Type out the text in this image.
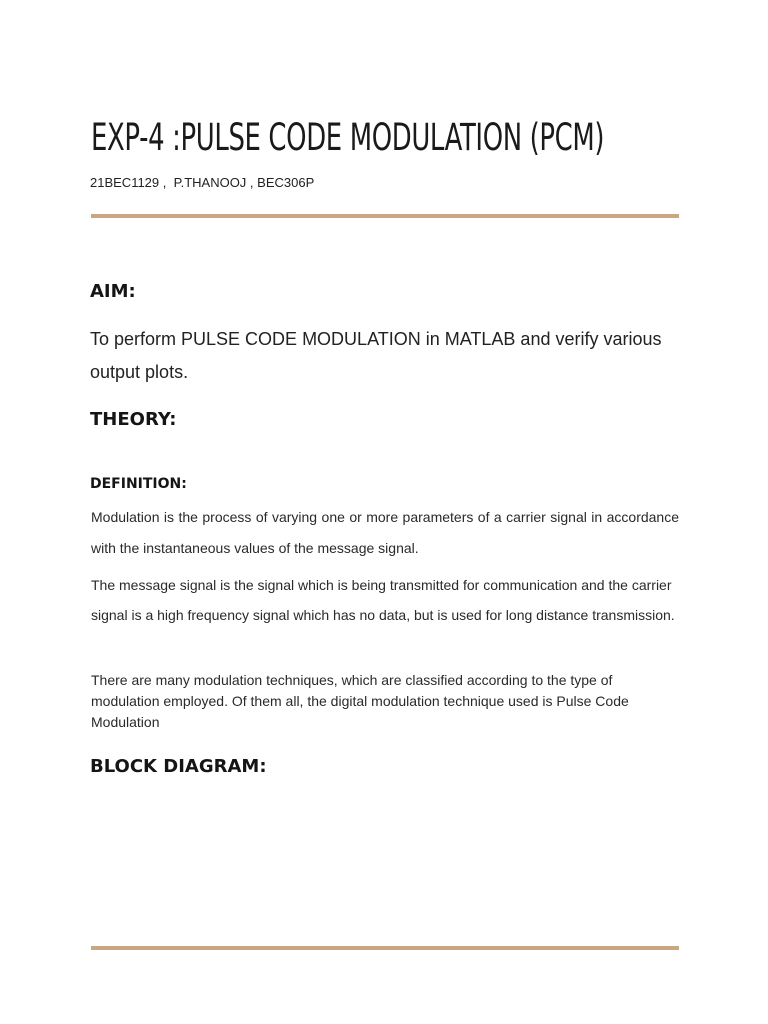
EXP-4 :PULSE CODE MODULATION (PCM)
21BEC1129 ,  P.THANOOJ , BEC306P
AIM:

To perform PULSE CODE MODULATION in MATLAB and verify various output plots.

THEORY:
DEFINITION:

Modulation is the process of varying one or more parameters of a carrier signal in accordance with the instantaneous values of the message signal.

The message signal is the signal which is being transmitted for communication and the carrier signal is a high frequency signal which has no data, but is used for long distance transmission.

There are many modulation techniques, which are classified according to the type of modulation employed. Of them all, the digital modulation technique used is Pulse Code Modulation

BLOCK DIAGRAM:
